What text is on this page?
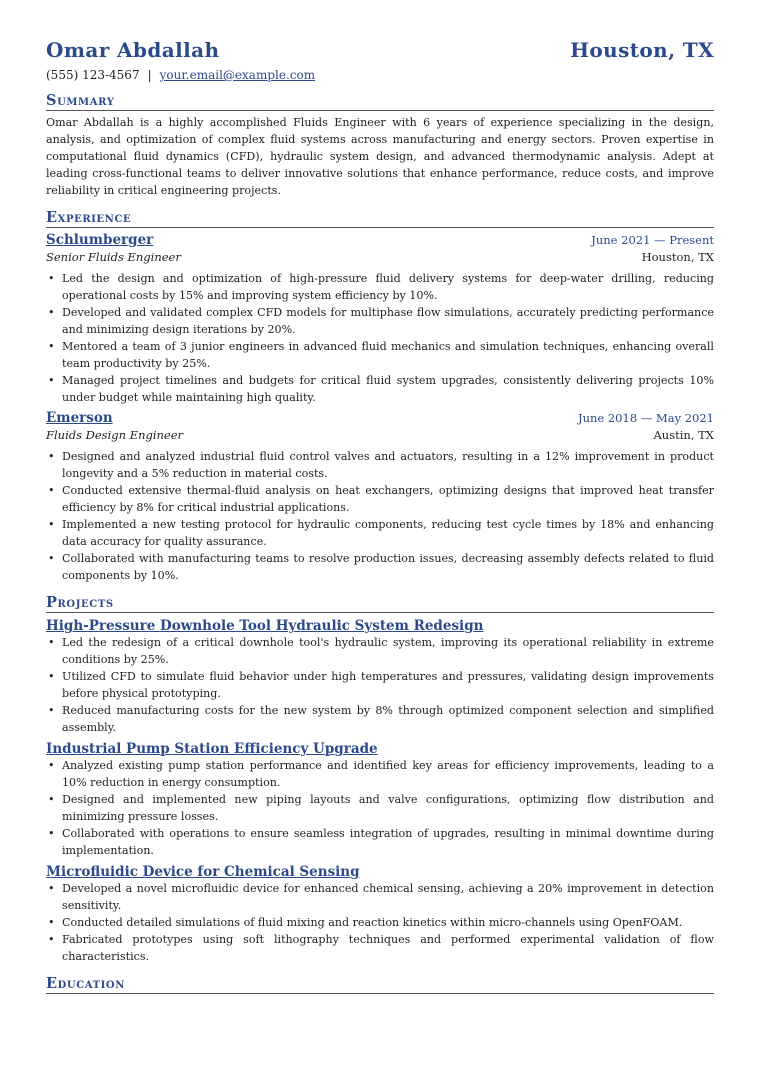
Omar Abdallah	Houston, TX
(555) 123-4567 | your.email@example.com
Summary
Omar Abdallah is a highly accomplished Fluids Engineer with 6 years of experience specializing in the design, analysis, and optimization of complex fluid systems across manufacturing and energy sectors. Proven expertise in computational fluid dynamics (CFD), hydraulic system design, and advanced thermodynamic analysis. Adept at leading cross-functional teams to deliver innovative solutions that enhance performance, reduce costs, and improve reliability in critical engineering projects.
Experience
Schlumberger	June 2021 — Present
Senior Fluids Engineer	Houston, TX
• Led the design and optimization of high-pressure fluid delivery systems for deep-water drilling, reducing operational costs by 15% and improving system efficiency by 10%.
• Developed and validated complex CFD models for multiphase flow simulations, accurately predicting performance and minimizing design iterations by 20%.
• Mentored a team of 3 junior engineers in advanced fluid mechanics and simulation techniques, enhancing overall team productivity by 25%.
• Managed project timelines and budgets for critical fluid system upgrades, consistently delivering projects 10% under budget while maintaining high quality.
Emerson	June 2018 — May 2021
Fluids Design Engineer	Austin, TX
• Designed and analyzed industrial fluid control valves and actuators, resulting in a 12% improvement in product longevity and a 5% reduction in material costs.
• Conducted extensive thermal-fluid analysis on heat exchangers, optimizing designs that improved heat transfer efficiency by 8% for critical industrial applications.
• Implemented a new testing protocol for hydraulic components, reducing test cycle times by 18% and enhancing data accuracy for quality assurance.
• Collaborated with manufacturing teams to resolve production issues, decreasing assembly defects related to fluid components by 10%.
Projects
High-Pressure Downhole Tool Hydraulic System Redesign
• Led the redesign of a critical downhole tool's hydraulic system, improving its operational reliability in extreme conditions by 25%.
• Utilized CFD to simulate fluid behavior under high temperatures and pressures, validating design improvements before physical prototyping.
• Reduced manufacturing costs for the new system by 8% through optimized component selection and simplified assembly.
Industrial Pump Station Efficiency Upgrade
• Analyzed existing pump station performance and identified key areas for efficiency improvements, leading to a 10% reduction in energy consumption.
• Designed and implemented new piping layouts and valve configurations, optimizing flow distribution and minimizing pressure losses.
• Collaborated with operations to ensure seamless integration of upgrades, resulting in minimal downtime during implementation.
Microfluidic Device for Chemical Sensing
• Developed a novel microfluidic device for enhanced chemical sensing, achieving a 20% improvement in detection sensitivity.
• Conducted detailed simulations of fluid mixing and reaction kinetics within micro-channels using OpenFOAM.
• Fabricated prototypes using soft lithography techniques and performed experimental validation of flow characteristics.
Education
